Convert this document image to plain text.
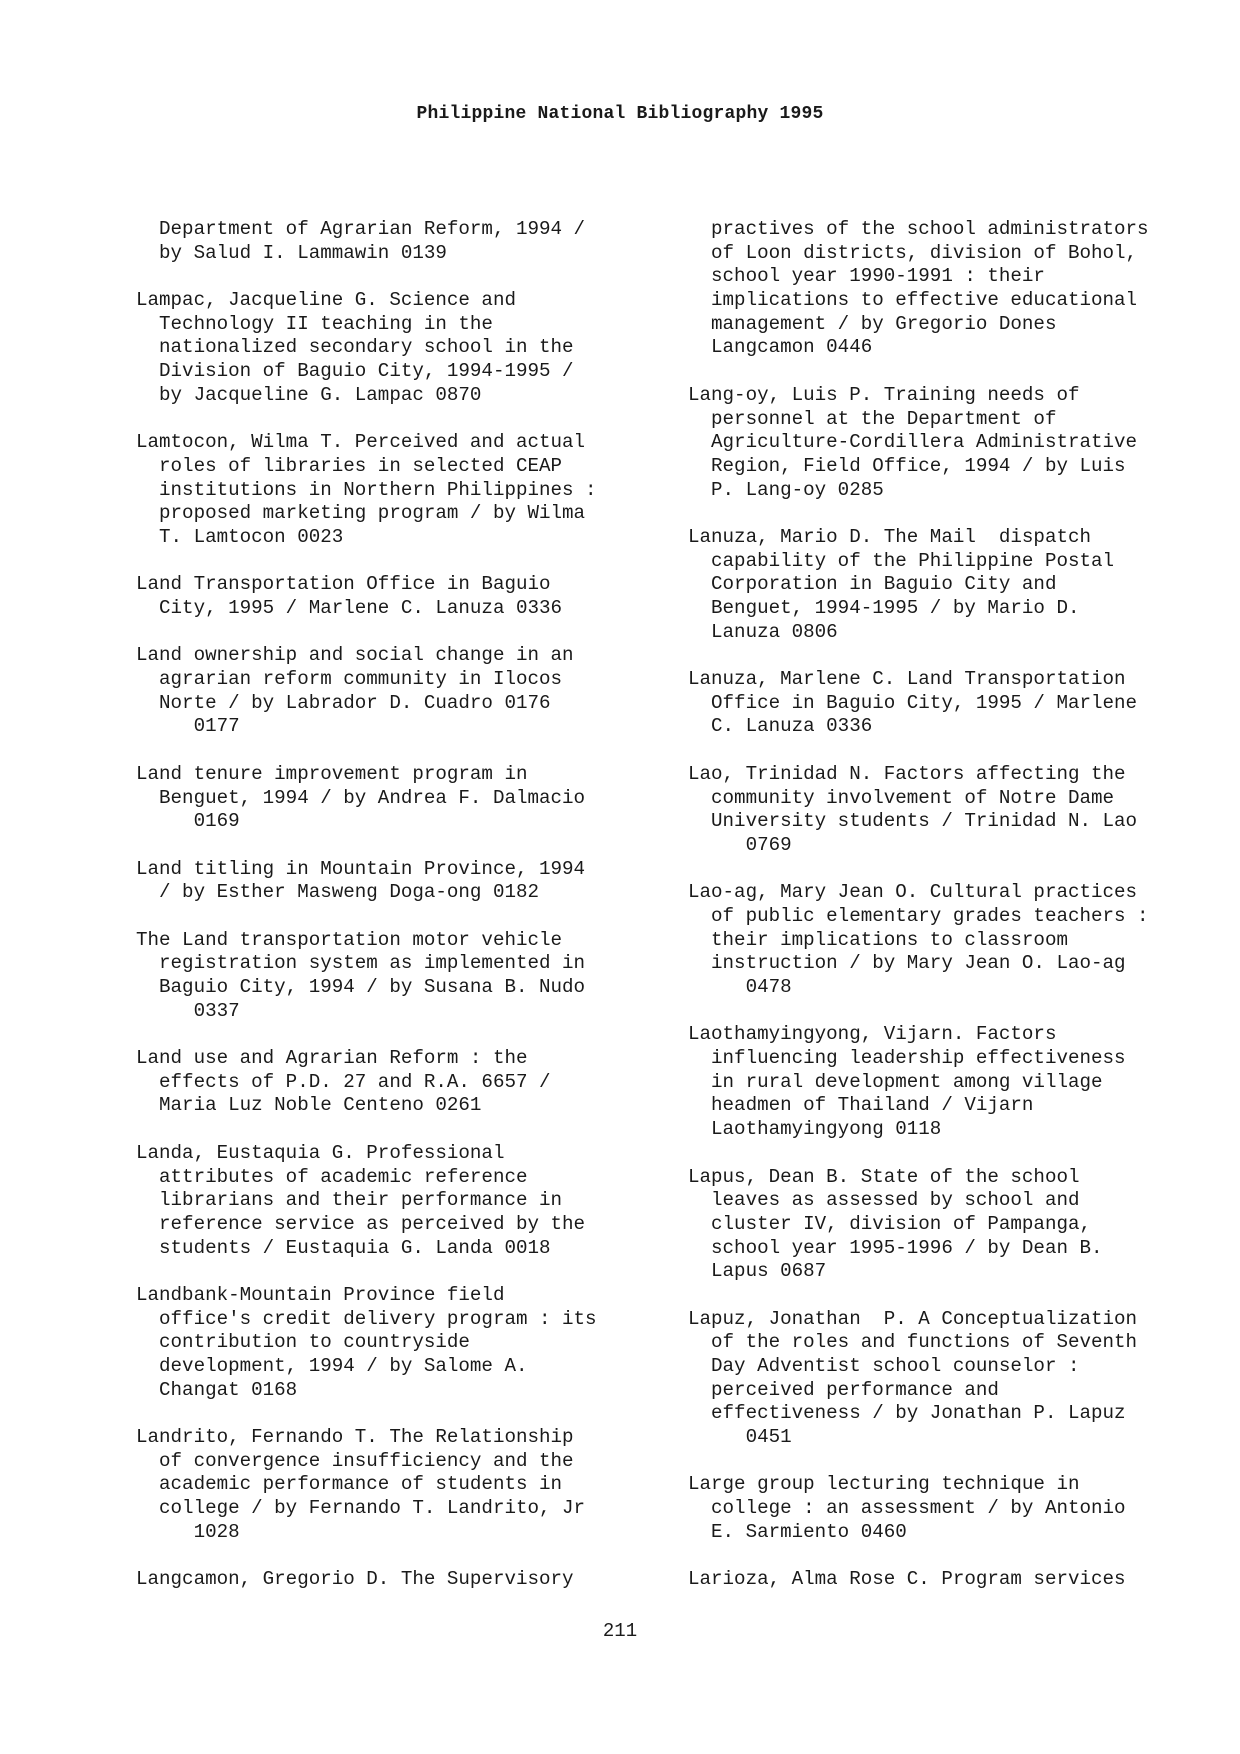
Philippine National Bibliography 1995
Department of Agrarian Reform, 1994 /
by Salud I. Lammawin 0139
Lampac, Jacqueline G. Science and
Technology II teaching in the
nationalized secondary school in the
Division of Baguio City, 1994-1995 /
by Jacqueline G. Lampac 0870
Lamtocon, Wilma T. Perceived and actual
roles of libraries in selected CEAP
institutions in Northern Philippines :
proposed marketing program / by Wilma
T. Lamtocon 0023
Land Transportation Office in Baguio
City, 1995 / Marlene C. Lanuza 0336
Land ownership and social change in an
agrarian reform community in Ilocos
Norte / by Labrador D. Cuadro 0176
0177
Land tenure improvement program in
Benguet, 1994 / by Andrea F. Dalmacio
0169
Land titling in Mountain Province, 1994
/ by Esther Masweng Doga-ong 0182
The Land transportation motor vehicle
registration system as implemented in
Baguio City, 1994 / by Susana B. Nudo
0337
Land use and Agrarian Reform : the
effects of P.D. 27 and R.A. 6657 /
Maria Luz Noble Centeno 0261
Landa, Eustaquia G. Professional
attributes of academic reference
librarians and their performance in
reference service as perceived by the
students / Eustaquia G. Landa 0018
Landbank-Mountain Province field
office's credit delivery program : its
contribution to countryside
development, 1994 / by Salome A.
Changat 0168
Landrito, Fernando T. The Relationship
of convergence insufficiency and the
academic performance of students in
college / by Fernando T. Landrito, Jr
1028
Langcamon, Gregorio D. The Supervisory
practives of the school administrators
of Loon districts, division of Bohol,
school year 1990-1991 : their
implications to effective educational
management / by Gregorio Dones
Langcamon 0446
Lang-oy, Luis P. Training needs of
personnel at the Department of
Agriculture-Cordillera Administrative
Region, Field Office, 1994 / by Luis
P. Lang-oy 0285
Lanuza, Mario D. The Mail  dispatch
capability of the Philippine Postal
Corporation in Baguio City and
Benguet, 1994-1995 / by Mario D.
Lanuza 0806
Lanuza, Marlene C. Land Transportation
Office in Baguio City, 1995 / Marlene
C. Lanuza 0336
Lao, Trinidad N. Factors affecting the
community involvement of Notre Dame
University students / Trinidad N. Lao
0769
Lao-ag, Mary Jean O. Cultural practices
of public elementary grades teachers :
their implications to classroom
instruction / by Mary Jean O. Lao-ag
0478
Laothamyingyong, Vijarn. Factors
influencing leadership effectiveness
in rural development among village
headmen of Thailand / Vijarn
Laothamyingyong 0118
Lapus, Dean B. State of the school
leaves as assessed by school and
cluster IV, division of Pampanga,
school year 1995-1996 / by Dean B.
Lapus 0687
Lapuz, Jonathan  P. A Conceptualization
of the roles and functions of Seventh
Day Adventist school counselor :
perceived performance and
effectiveness / by Jonathan P. Lapuz
0451
Large group lecturing technique in
college : an assessment / by Antonio
E. Sarmiento 0460
Larioza, Alma Rose C. Program services
211
